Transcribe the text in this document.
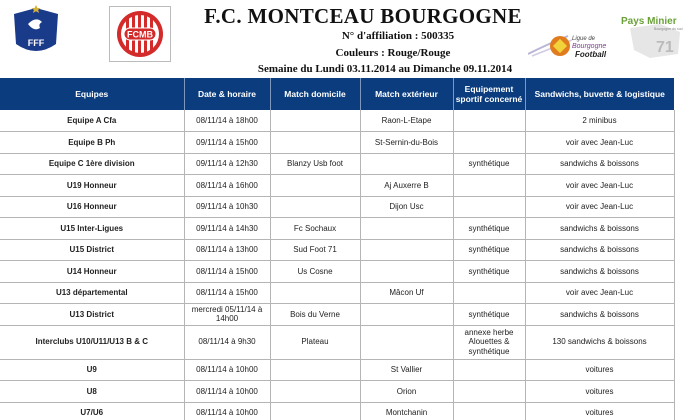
FFF
FCMB
F.C. MONTCEAU BOURGOGNE
N° d'affiliation : 500335
Couleurs : Rouge/Rouge
Semaine du Lundi 03.11.2014 au Dimanche 09.11.2014
Ligue de
Bourgogne
Football
Pays Minier
Bourgogne du sud
71
Equipes	Date & horaire	Match domicile	Match extérieur	Equipement sportif concerné	Sandwichs, buvette & logistique
Equipe A Cfa	08/11/14 à 18h00		Raon-L-Etape		2 minibus
Equipe B Ph	09/11/14 à 15h00		St-Sernin-du-Bois		voir avec Jean-Luc
Equipe C 1ère division	09/11/14 à 12h30	Blanzy Usb foot		synthétique	sandwichs & boissons
U19 Honneur	08/11/14 à 16h00		Aj Auxerre B		voir avec Jean-Luc
U16 Honneur	09/11/14 à 10h30		Dijon Usc		voir avec Jean-Luc
U15 Inter-Ligues	09/11/14 à 14h30	Fc Sochaux		synthétique	sandwichs & boissons
U15 District	08/11/14 à 13h00	Sud Foot 71		synthétique	sandwichs & boissons
U14 Honneur	08/11/14 à 15h00	Us Cosne		synthétique	sandwichs & boissons
U13 départemental	08/11/14 à 15h00		Mâcon Uf		voir avec Jean-Luc
U13 District	mercredi 05/11/14 à 14h00	Bois du Verne		synthétique	sandwichs & boissons
Interclubs U10/U11/U13 B & C	08/11/14 à 9h30	Plateau		annexe herbe Alouettes & synthétique	130 sandwichs & boissons
U9	08/11/14 à 10h00		St Vallier		voitures
U8	08/11/14 à 10h00		Orion		voitures
U7/U6	08/11/14 à 10h00		Montchanin		voitures
